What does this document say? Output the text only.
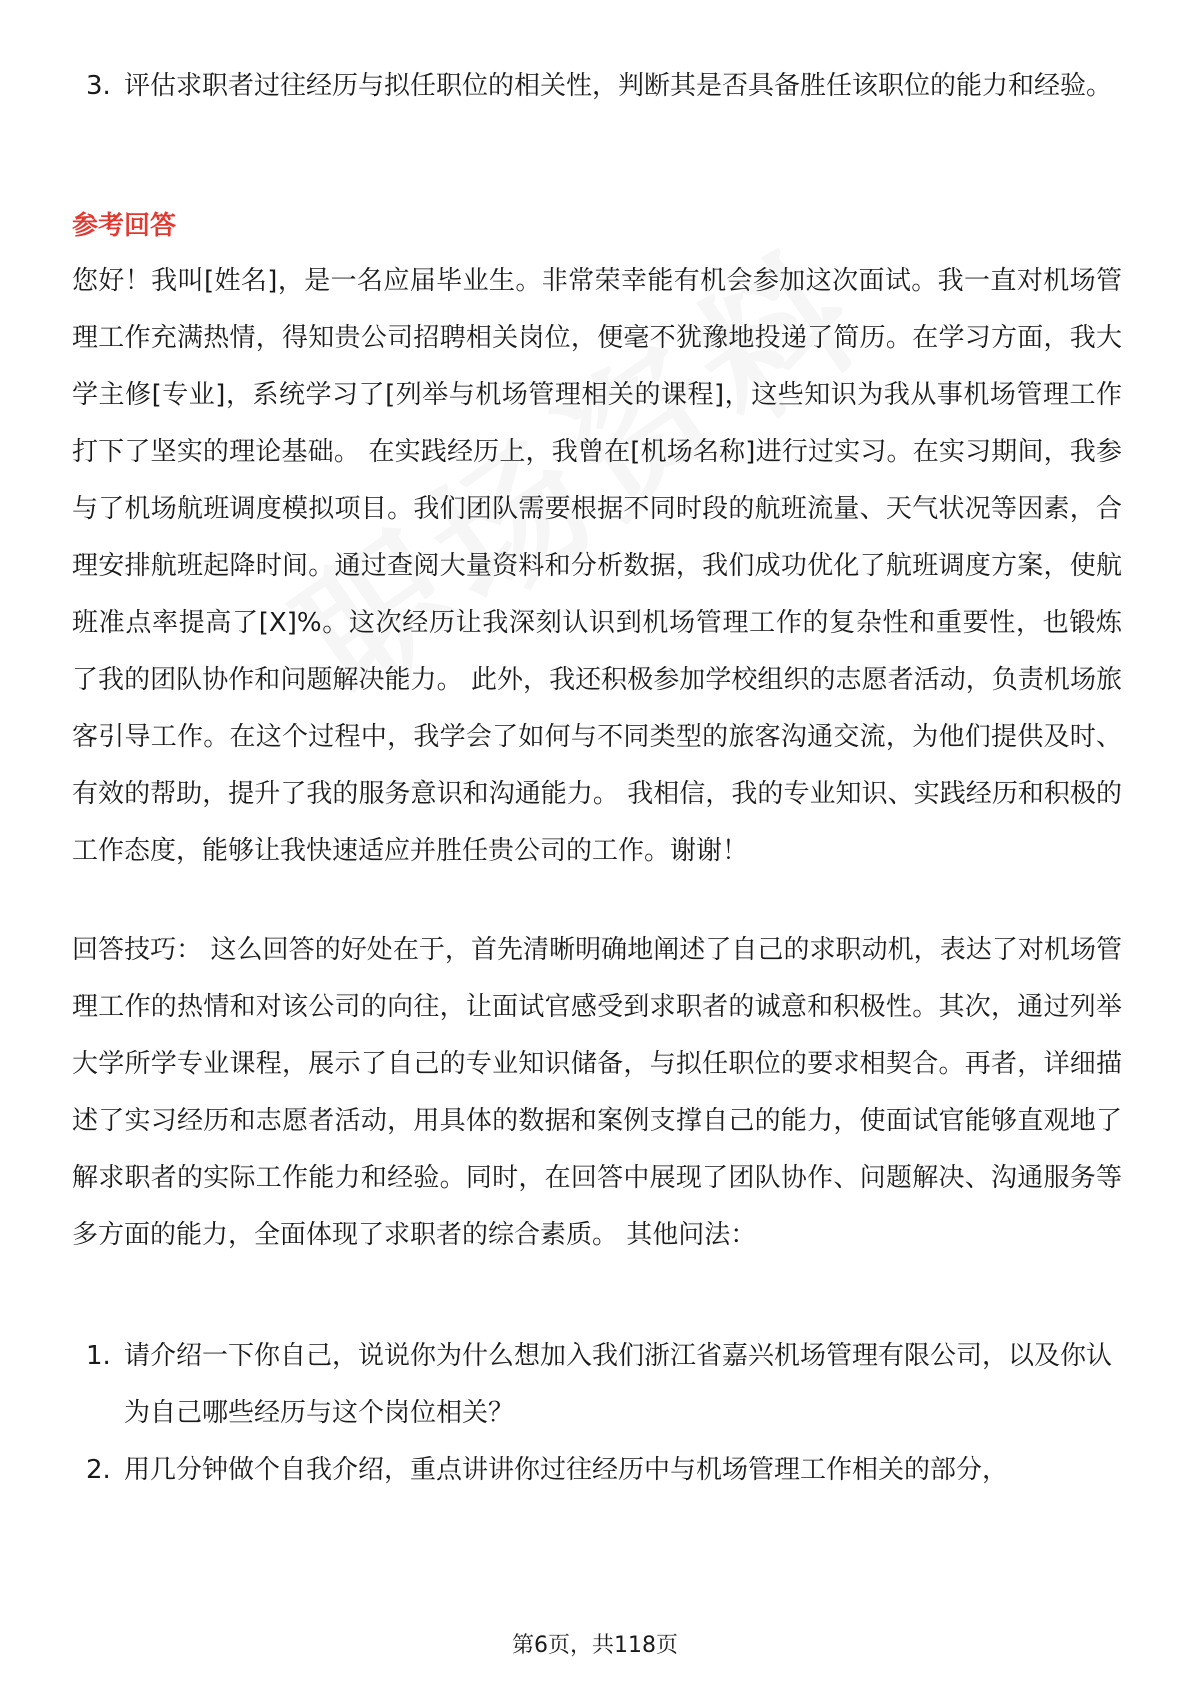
3. 评估求职者过往经历与拟任职位的相关性，判断其是否具备胜任该职位的能力和经验。

参考回答

您好！我叫[姓名]，是一名应届毕业生。非常荣幸能有机会参加这次面试。我一直对机场管理工作充满热情，得知贵公司招聘相关岗位，便毫不犹豫地投递了简历。在学习方面，我大学主修[专业]，系统学习了[列举与机场管理相关的课程]，这些知识为我从事机场管理工作打下了坚实的理论基础。 在实践经历上，我曾在[机场名称]进行过实习。在实习期间，我参与了机场航班调度模拟项目。我们团队需要根据不同时段的航班流量、天气状况等因素，合理安排航班起降时间。通过查阅大量资料和分析数据，我们成功优化了航班调度方案，使航班准点率提高了[X]%。这次经历让我深刻认识到机场管理工作的复杂性和重要性，也锻炼了我的团队协作和问题解决能力。 此外，我还积极参加学校组织的志愿者活动，负责机场旅客引导工作。在这个过程中，我学会了如何与不同类型的旅客沟通交流，为他们提供及时、有效的帮助，提升了我的服务意识和沟通能力。 我相信，我的专业知识、实践经历和积极的工作态度，能够让我快速适应并胜任贵公司的工作。谢谢！

回答技巧： 这么回答的好处在于，首先清晰明确地阐述了自己的求职动机，表达了对机场管理工作的热情和对该公司的向往，让面试官感受到求职者的诚意和积极性。其次，通过列举大学所学专业课程，展示了自己的专业知识储备，与拟任职位的要求相契合。再者，详细描述了实习经历和志愿者活动，用具体的数据和案例支撑自己的能力，使面试官能够直观地了解求职者的实际工作能力和经验。同时，在回答中展现了团队协作、问题解决、沟通服务等多方面的能力，全面体现了求职者的综合素质。 其他问法：

1. 请介绍一下你自己，说说你为什么想加入我们浙江省嘉兴机场管理有限公司，以及你认为自己哪些经历与这个岗位相关？
2. 用几分钟做个自我介绍，重点讲讲你过往经历中与机场管理工作相关的部分，
第6页，共118页
